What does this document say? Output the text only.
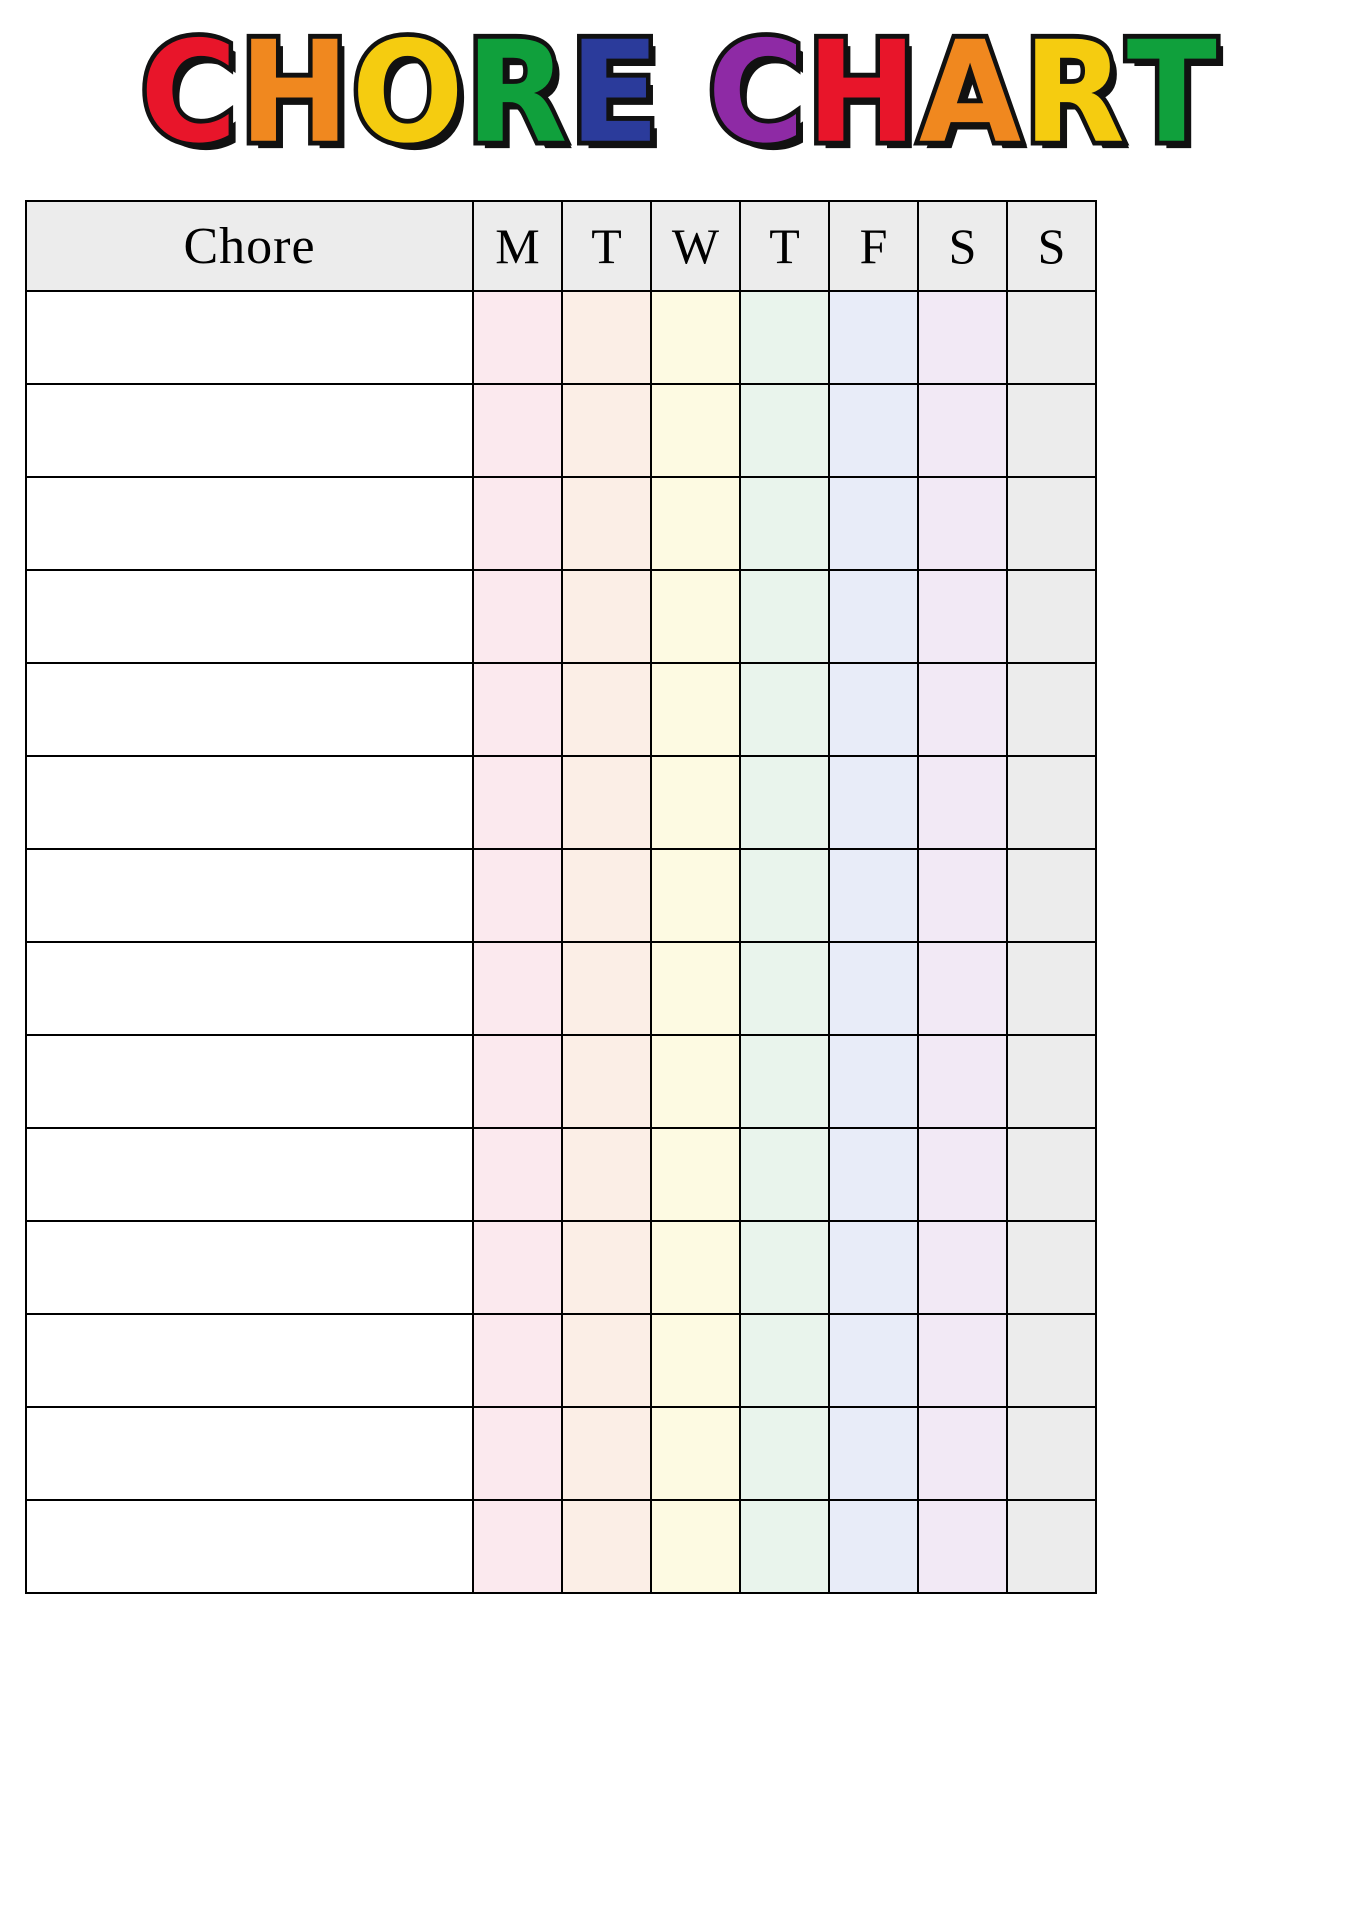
CHORE CHART
Chore	M	T	W	T	F	S	S
